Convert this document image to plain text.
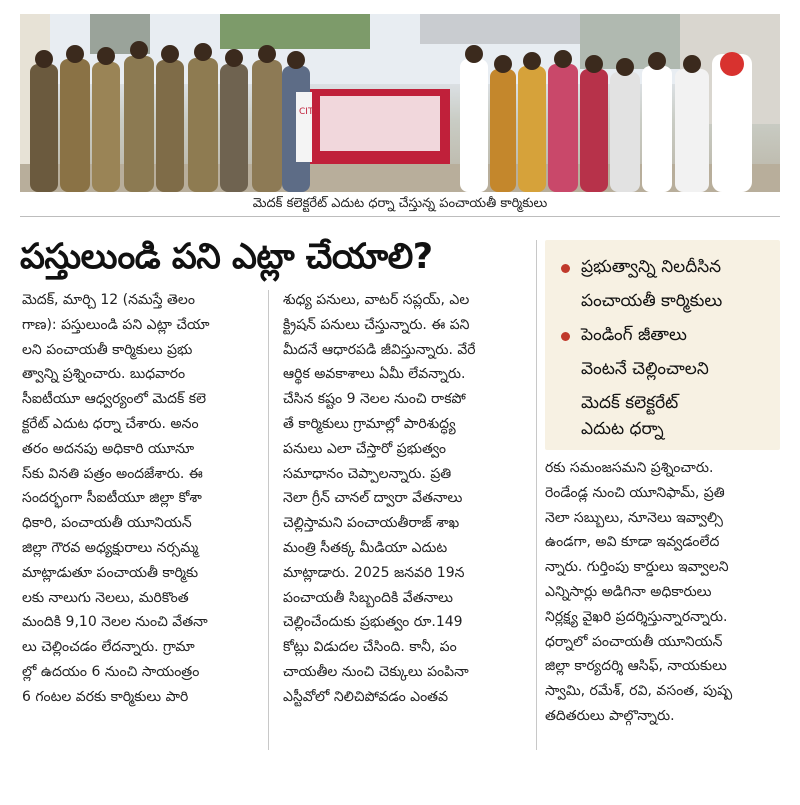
CITU
మెదక్ కలెక్టరేట్ ఎదుట ధర్నా చేస్తున్న పంచాయతీ కార్మికులు
పస్తులుండి పని ఎట్లా చేయాలి?	ప్రభుత్వాన్ని నిలదీసిన
పంచాయతీ కార్మికులు
పెండింగ్ జీతాలు
వెంటనే చెల్లించాలని
మెదక్ కలెక్టరేట్
ఎదుట ధర్నా
మెదక్, మార్చి 12 (నమస్తే తెలం
గాణ): పస్తులుండి పని ఎట్లా చేయా
లని పంచాయతీ కార్మికులు ప్రభు
త్వాన్ని ప్రశ్నించారు. బుధవారం
సీఐటీయూ ఆధ్వర్యంలో మెదక్ కలె
క్టరేట్ ఎదుట ధర్నా చేశారు. అనం
తరం అదనపు అధికారి యూనూ
స్‌కు వినతి పత్రం అందజేశారు. ఈ
సందర్భంగా సీఐటీయూ జిల్లా కోశా
ధికారి, పంచాయతీ యూనియన్
జిల్లా గౌరవ అధ్యక్షురాలు నర్సమ్మ
మాట్లాడుతూ పంచాయతీ కార్మికు
లకు నాలుగు నెలలు, మరికొంత
మందికి 9,10 నెలల నుంచి వేతనా
లు చెల్లించడం లేదన్నారు. గ్రామా
ల్లో ఉదయం 6 నుంచి సాయంత్రం
6 గంటల వరకు కార్మికులు పారి
శుధ్య పనులు, వాటర్ సప్లయ్, ఎల
క్ట్రిషన్ పనులు చేస్తున్నారు. ఈ పని
మీదనే ఆధారపడి జీవిస్తున్నారు. వేరే
ఆర్థిక అవకాశాలు ఏమీ లేవన్నారు.
చేసిన కష్టం 9 నెలల నుంచి రాకపో
తే కార్మికులు గ్రామాల్లో పారిశుద్ధ్య
పనులు ఎలా చేస్తారో ప్రభుత్వం
సమాధానం చెప్పాలన్నారు. ప్రతి
నెలా గ్రీన్ చానల్ ద్వారా వేతనాలు
చెల్లిస్తామని పంచాయతీరాజ్ శాఖ
మంత్రి సీతక్క మీడియా ఎదుట
మాట్లాడారు. 2025 జనవరి 19న
పంచాయతీ సిబ్బందికి వేతనాలు
చెల్లించేందుకు ప్రభుత్వం రూ.149
కోట్లు విడుదల చేసింది. కానీ, పం
చాయతీల నుంచి చెక్కులు పంపినా
ఎస్టీవోలో నిలిచిపోవడం ఎంతవ
రకు సమంజసమని ప్రశ్నించారు.
రెండేండ్ల నుంచి యూనిఫామ్, ప్రతి
నెలా సబ్బులు, నూనెలు ఇవ్వాల్సి
ఉండగా, అవి కూడా ఇవ్వడంలేద
న్నారు. గుర్తింపు కార్డులు ఇవ్వాలని
ఎన్నిసార్లు అడిగినా అధికారులు
నిర్లక్ష్య వైఖరి ప్రదర్శిస్తున్నారన్నారు.
ధర్నాలో పంచాయతీ యూనియన్
జిల్లా కార్యదర్శి ఆసిఫ్, నాయకులు
స్వామి, రమేశ్, రవి, వసంత, పుష్ప
తదితరులు పాల్గొన్నారు.
